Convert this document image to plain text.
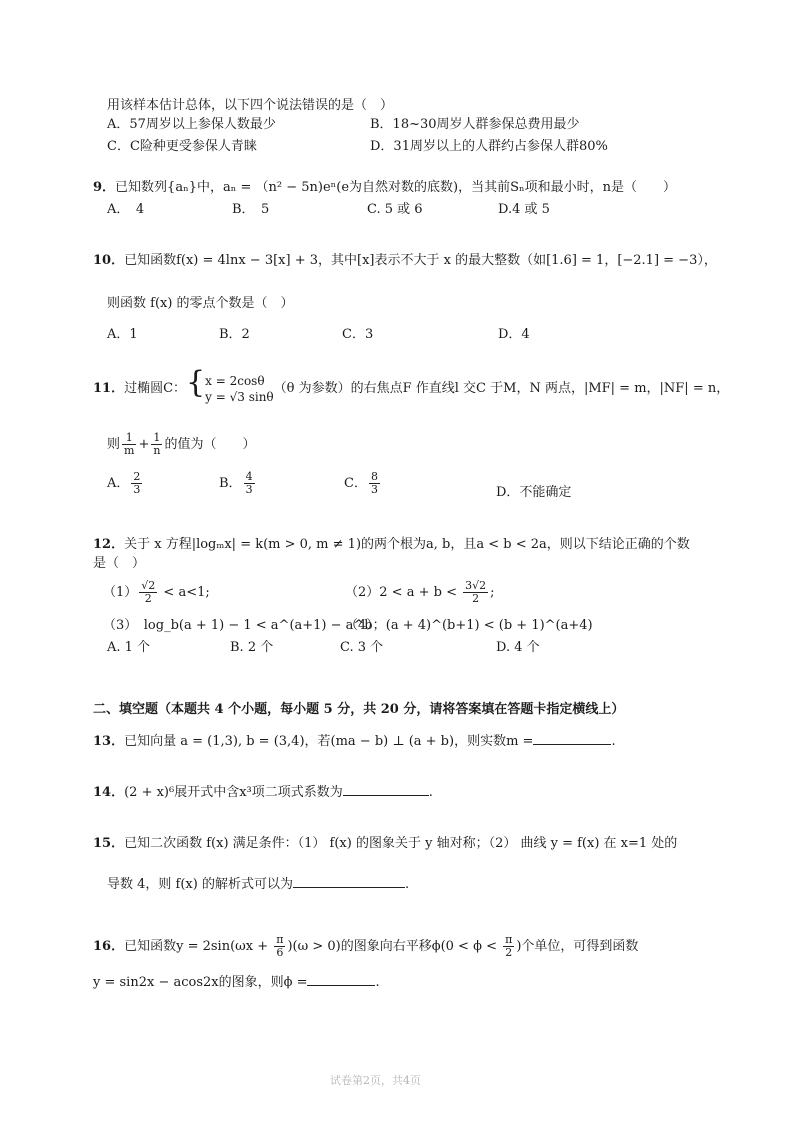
用该样本估计总体，以下四个说法错误的是（　）
A．57周岁以上参保人数最少	B．18~30周岁人群参保总费用最少
C．C险种更受参保人青睐	D．31周岁以上的人群约占参保人群80%
9．已知数列{aₙ}中，aₙ = （n² − 5n)eⁿ(e为自然对数的底数)，当其前Sₙ项和最小时，n是（　　）
A．　4	B．　5	C. 5 或 6	D.4 或 5
10．已知函数f(x) = 4lnx − 3[x] + 3，其中[x]表示不大于 x 的最大整数（如[1.6] = 1，[−2.1] = −3），
则函数 f(x) 的零点个数是（　）
A．1	B．2	C．3	D．4
11．过椭圆C：{ x = 2cosθ
y = √3 sinθ
（θ 为参数）的右焦点F 作直线l 交C 于M，N 两点，|MF| = m，|NF| = n，
则 $\frac{1}{m} + \frac{1}{n}$ 的值为（　　）
A． $\frac{2}{3}$	B． $\frac{4}{3}$	C． $\frac{8}{3}$	D．不能确定
12．关于 x 方程|logₘx| = k(m > 0, m ≠ 1)的两个根为a, b，且a < b < 2a，则以下结论正确的个数
是（　）
$(1) \frac{√2}{2} < a<1$;	$(2)2 < a + b < \frac{3√2}{2}$ ;
（3）　log_b(a + 1) − 1 < a^(a+1) − a^b；
（4）　(a + 4)^(b+1) < (b + 1)^(a+4)
A. 1 个	B. 2 个	C. 3 个	D. 4 个
二、填空题（本题共 4 个小题，每小题 5 分，共 20 分，请将答案填在答题卡指定横线上）
13．已知向量 a = (1,3), b = (3,4)，若(ma − b) ⊥ (a + b)，则实数m =	.
14．(2 + x)⁶展开式中含x³项二项式系数为	.
15．已知二次函数 f(x) 满足条件：（1） f(x) 的图象关于 y 轴对称；（2） 曲线 y = f(x) 在 x=1 处的
导数 4，则 f(x) 的解析式可以为	.
16．已知函数$y = 2\sin(\omega x + \frac{\pi}{6} )(\omega > 0)$的图象向右平移$\phi(0 < \phi < \frac{\pi}{2}$ )个单位，可得到函数
y = sin2x − acos2x的图象，则ϕ =	.
试卷第2页，共4页
